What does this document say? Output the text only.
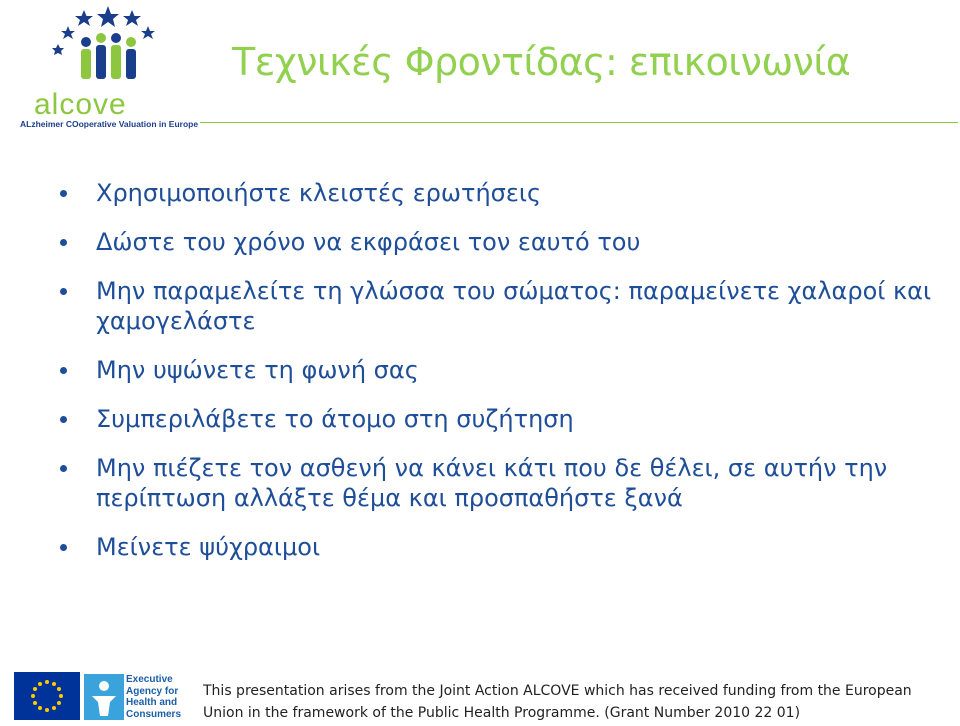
alcove
ALzheimer COoperative Valuation in Europe
Τεχνικές Φροντίδας: επικοινωνία
Χρησιμοποιήστε κλειστές ερωτήσεις
Δώστε του χρόνο να εκφράσει τον εαυτό του
Μην παραμελείτε τη γλώσσα του σώματος: παραμείνετε χαλαροί και χαμογελάστε
Μην υψώνετε τη φωνή σας
Συμπεριλάβετε το άτομο στη συζήτηση
Μην πιέζετε τον ασθενή να κάνει κάτι που δε θέλει, σε αυτήν την περίπτωση αλλάξτε θέμα και προσπαθήστε ξανά
Μείνετε ψύχραιμοι
Executive
Agency for
Health and
Consumers
This presentation arises from the Joint Action ALCOVE which has received funding from the European Union in the framework of the Public Health Programme. (Grant Number 2010 22 01)
